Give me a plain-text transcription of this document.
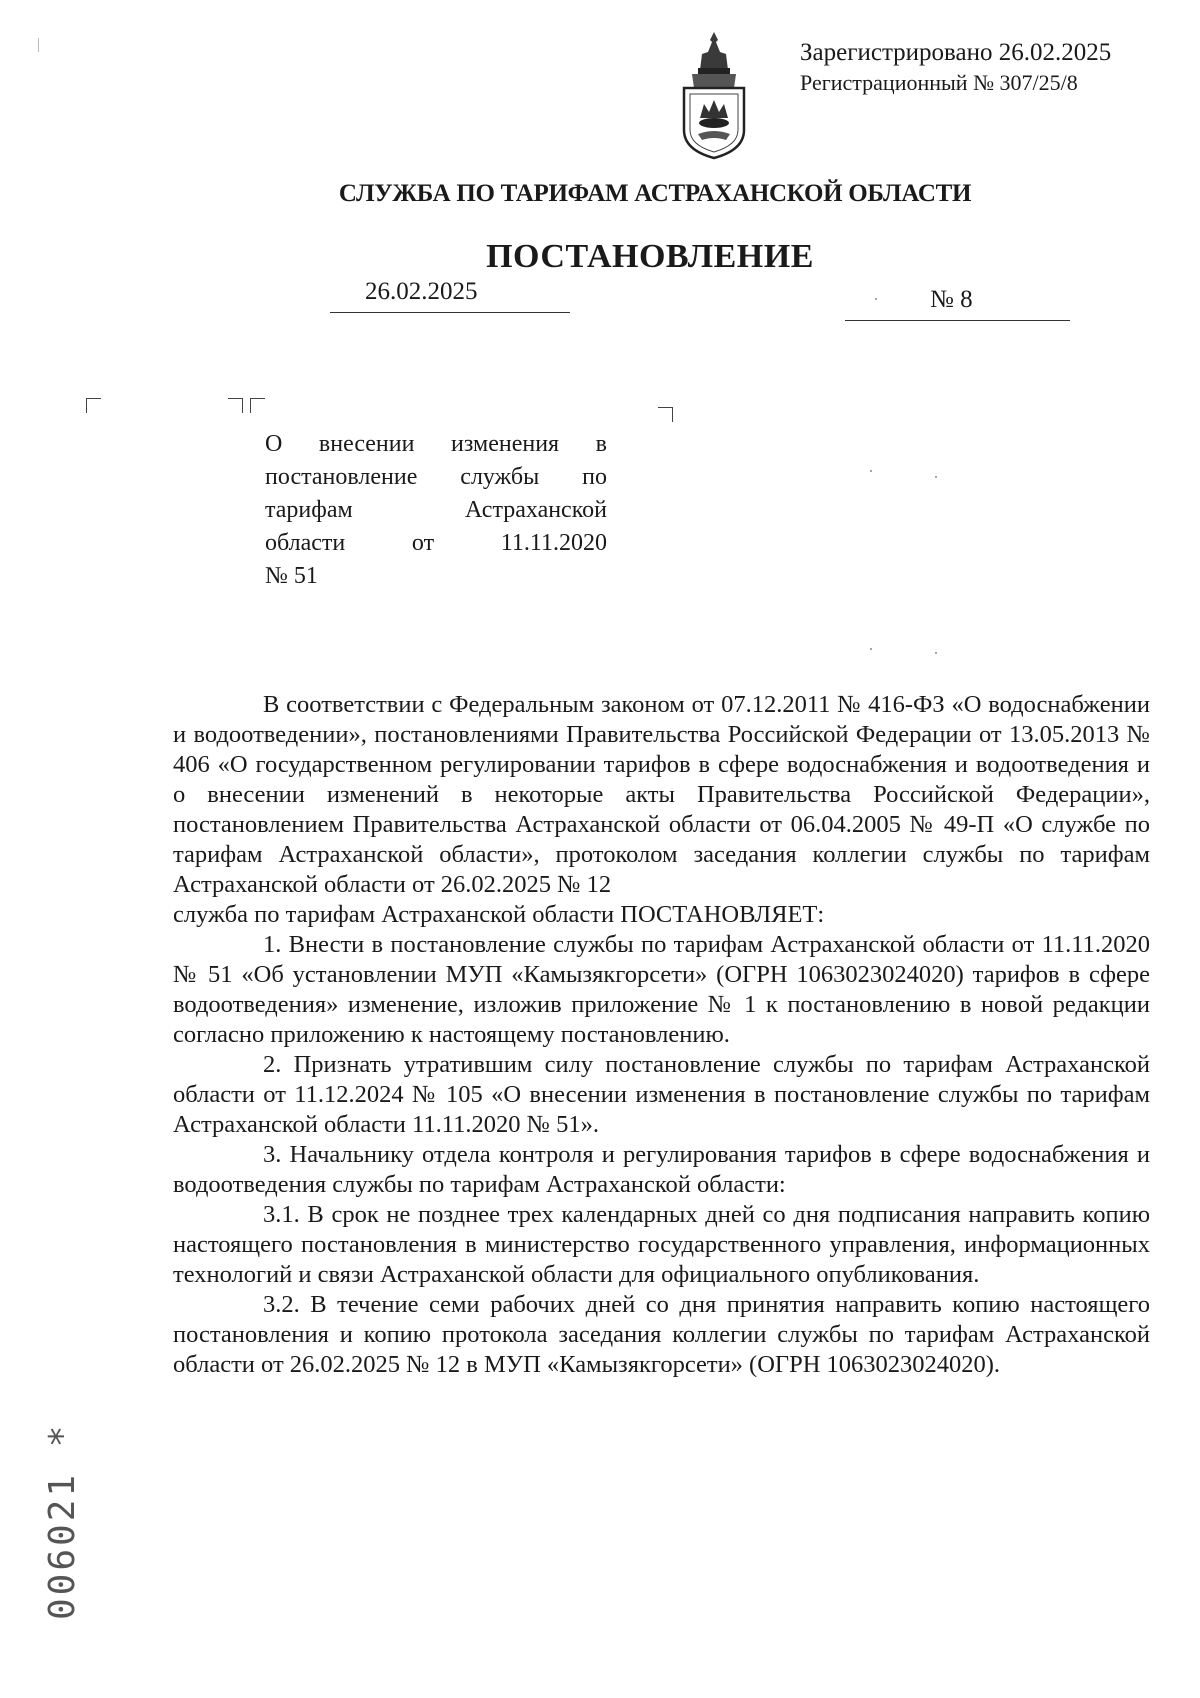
Зарегистрировано 26.02.2025
Регистрационный № 307/25/8
СЛУЖБА ПО ТАРИФАМ АСТРАХАНСКОЙ ОБЛАСТИ
ПОСТАНОВЛЕНИЕ
26.02.2025	№ 8
О внесении изменения в
постановление службы по
тарифам Астраханской
области от 11.11.2020
№ 51

В соответствии с Федеральным законом от 07.12.2011 № 416-ФЗ «О водоснабжении и водоотведении», постановлениями Правительства Российской Федерации от 13.05.2013 № 406 «О государственном регулировании тарифов в сфере водоснабжения и водоотведения и о внесении изменений в некоторые акты Правительства Российской Федерации», постановлением Правительства Астраханской области от 06.04.2005 № 49-П «О службе по тарифам Астраханской области», протоколом заседания коллегии службы по тарифам Астраханской области от 26.02.2025 № 12

служба по тарифам Астраханской области ПОСТАНОВЛЯЕТ:

1. Внести в постановление службы по тарифам Астраханской области от 11.11.2020 № 51 «Об установлении МУП «Камызякгорсети» (ОГРН 1063023024020) тарифов в сфере водоотведения» изменение, изложив приложение № 1 к постановлению в новой редакции согласно приложению к настоящему постановлению.

2. Признать утратившим силу постановление службы по тарифам Астраханской области от 11.12.2024 № 105 «О внесении изменения в постановление службы по тарифам Астраханской области 11.11.2020 № 51».

3. Начальнику отдела контроля и регулирования тарифов в сфере водоснабжения и водоотведения службы по тарифам Астраханской области:

3.1. В срок не позднее трех календарных дней со дня подписания направить копию настоящего постановления в министерство государственного управления, информационных технологий и связи Астраханской области для официального опубликования.

3.2. В течение семи рабочих дней со дня принятия направить копию настоящего постановления и копию протокола заседания коллегии службы по тарифам Астраханской области от 26.02.2025 № 12 в МУП «Камызякгорсети» (ОГРН 1063023024020).

006021 *
